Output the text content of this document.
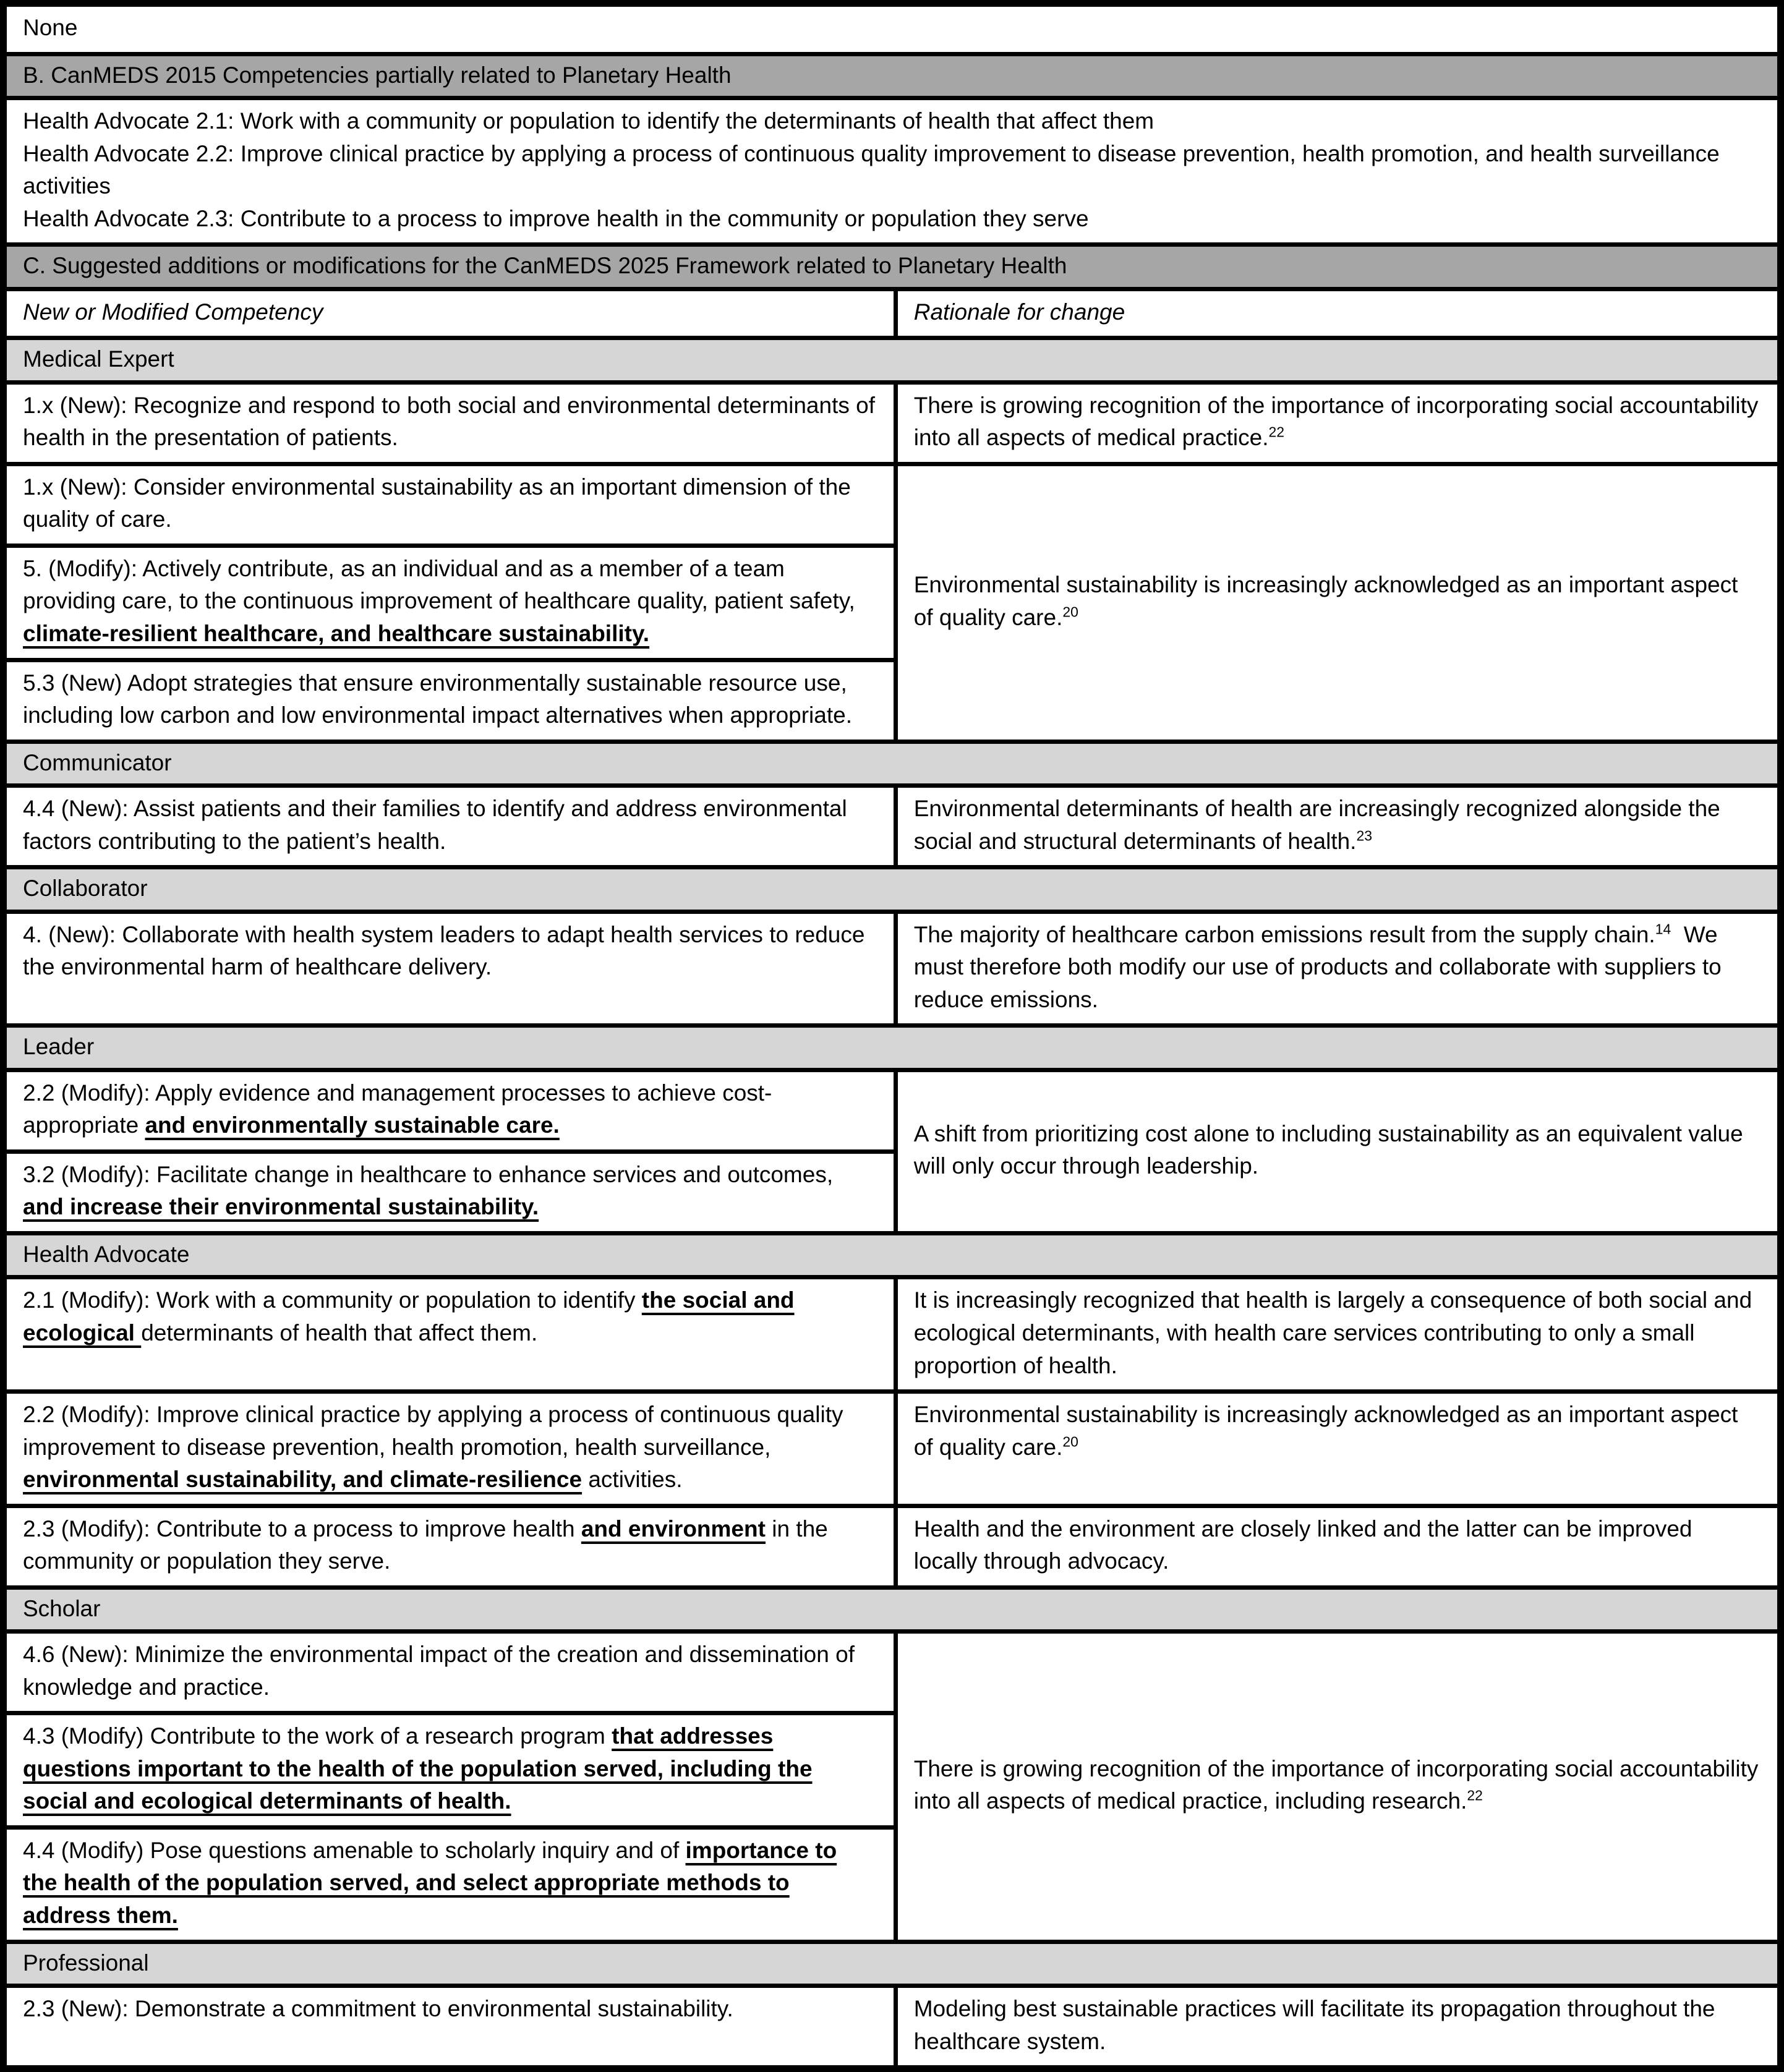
None	
B. CanMEDS 2015 Competencies partially related to Planetary Health	

Health Advocate 2.1: Work with a community or population to identify the determinants of health that affect them

Health Advocate 2.2: Improve clinical practice by applying a process of continuous quality improvement to disease prevention, health promotion, and health surveillance activities

Health Advocate 2.3: Contribute to a process to improve health in the community or population they serve	

C. Suggested additions or modifications for the CanMEDS 2025 Framework related to Planetary Health	
New or Modified Competency	Rationale for change
Medical Expert	
1.x (New): Recognize and respond to both social and environmental determinants of health in the presentation of patients.	There is growing recognition of the importance of incorporating social accountability into all aspects of medical practice.$^{22}$
1.x (New): Consider environmental sustainability as an important dimension of the quality of care.	Environmental sustainability is increasingly acknowledged as an important aspect of quality care.$^{20}$
5. (Modify): Actively contribute, as an individual and as a member of a team providing care, to the continuous improvement of healthcare quality, patient safety, climate-resilient healthcare, and healthcare sustainability.	
5.3 (New) Adopt strategies that ensure environmentally sustainable resource use, including low carbon and low environmental impact alternatives when appropriate.	
Communicator	
4.4 (New): Assist patients and their families to identify and address environmental factors contributing to the patient’s health.	Environmental determinants of health are increasingly recognized alongside the social and structural determinants of health.$^{23}$
Collaborator	
4. (New): Collaborate with health system leaders to adapt health services to reduce the environmental harm of healthcare delivery.	The majority of healthcare carbon emissions result from the supply chain.$^{14}$  We must therefore both modify our use of products and collaborate with suppliers to reduce emissions.
Leader	
2.2 (Modify): Apply evidence and management processes to achieve cost-appropriate and environmentally sustainable care.	A shift from prioritizing cost alone to including sustainability as an equivalent value will only occur through leadership.
3.2 (Modify): Facilitate change in healthcare to enhance services and outcomes, and increase their environmental sustainability.	
Health Advocate	
2.1 (Modify): Work with a community or population to identify the social and ecological determinants of health that affect them.	It is increasingly recognized that health is largely a consequence of both social and ecological determinants, with health care services contributing to only a small proportion of health.
2.2 (Modify): Improve clinical practice by applying a process of continuous quality improvement to disease prevention, health promotion, health surveillance, environmental sustainability, and climate-resilience activities.	Environmental sustainability is increasingly acknowledged as an important aspect of quality care.$^{20}$
2.3 (Modify): Contribute to a process to improve health and environment in the community or population they serve.	Health and the environment are closely linked and the latter can be improved locally through advocacy.
Scholar	
4.6 (New): Minimize the environmental impact of the creation and dissemination of knowledge and practice.	There is growing recognition of the importance of incorporating social accountability into all aspects of medical practice, including research.$^{22}$
4.3 (Modify) Contribute to the work of a research program that addresses questions important to the health of the population served, including the social and ecological determinants of health.	
4.4 (Modify) Pose questions amenable to scholarly inquiry and of importance to the health of the population served, and select appropriate methods to address them.	
Professional	
2.3 (New): Demonstrate a commitment to environmental sustainability.	Modeling best sustainable practices will facilitate its propagation throughout the healthcare system.
